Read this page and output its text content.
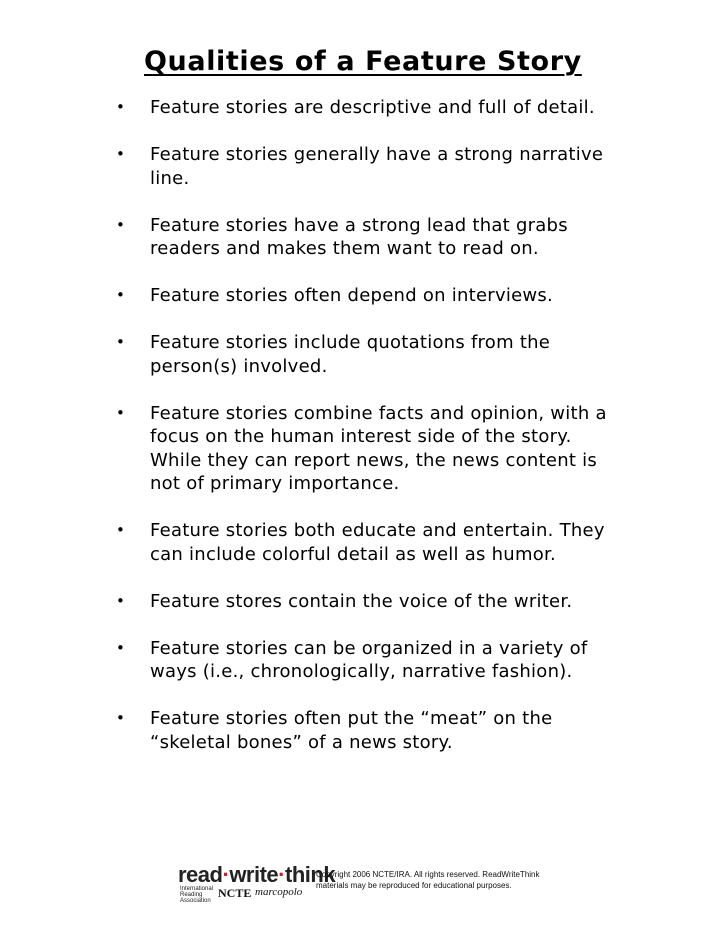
Qualities of a Feature Story
• Feature stories are descriptive and full of detail.
• Feature stories generally have a strong narrative line.
• Feature stories have a strong lead that grabs readers and makes them want to read on.
• Feature stories often depend on interviews.
• Feature stories include quotations from the person(s) involved.
• Feature stories combine facts and opinion, with a focus on the human interest side of the story. While they can report news, the news content is not of primary importance.
• Feature stories both educate and entertain. They can include colorful detail as well as humor.
• Feature stores contain the voice of the writer.
• Feature stories can be organized in a variety of ways (i.e., chronologically, narrative fashion).
• Feature stories often put the “meat” on the “skeletal bones” of a news story.
read·write·think
International Reading Association
NCTE marcopolo
Copyright 2006 NCTE/IRA. All rights reserved. ReadWriteThink materials may be reproduced for educational purposes.
